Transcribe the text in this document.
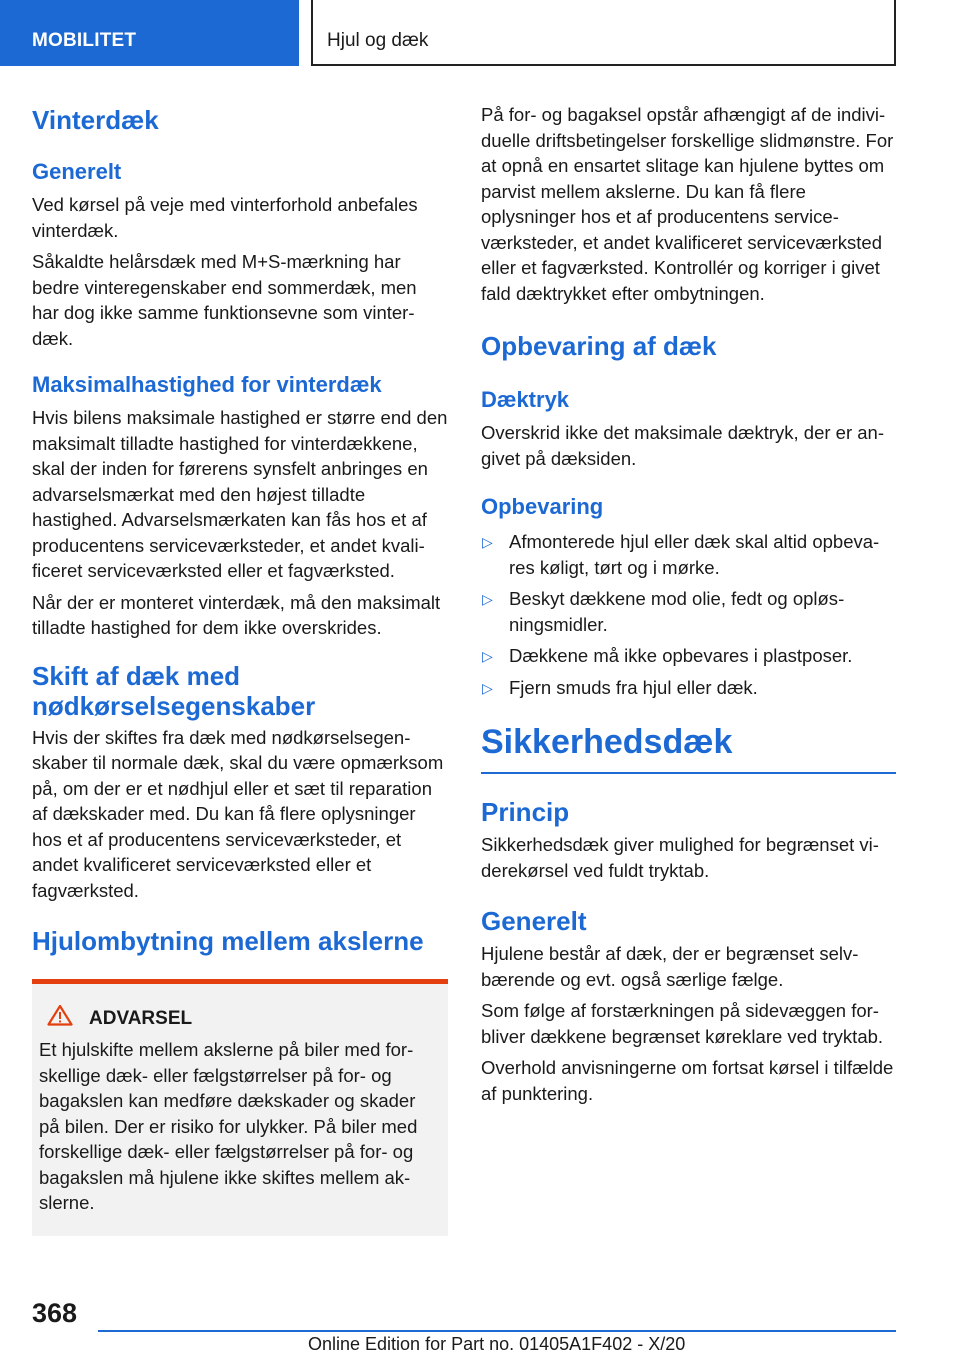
MOBILITET	Hjul og dæk
Vinterdæk
Generelt

Ved kørsel på veje med vinterforhold anbefales vinterdæk.

Såkaldte helårsdæk med M+S-mærkning har bedre vinteregenskaber end sommerdæk, men har dog ikke samme funktionsevne som vinterdæk.

Maksimalhastighed for vinterdæk

Hvis bilens maksimale hastighed er større end den maksimalt tilladte hastighed for vinterdækkene, skal der inden for førerens synsfelt anbringes en advarselsmærkat med den højest tilladte hastighed. Advarselsmærkaten kan fås hos et af producentens serviceværksteder, et andet kvalificeret serviceværksted eller et fagværksted.

Når der er monteret vinterdæk, må den maksimalt tilladte hastighed for dem ikke overskrides.

Skift af dæk med nødkørselsegenskaber

Hvis der skiftes fra dæk med nødkørselsegenskaber til normale dæk, skal du være opmærksom på, om der er et nødhjul eller et sæt til reparation af dækskader med. Du kan få flere oplysninger hos et af producentens serviceværksteder, et andet kvalificeret serviceværksted eller et fagværksted.

Hjulombytning mellem akslerne
ADVARSEL

Et hjulskifte mellem akslerne på biler med forskellige dæk- eller fælgstørrelser på for- og bagakslen kan medføre dækskader og skader på bilen. Der er risiko for ulykker. På biler med forskellige dæk- eller fælgstørrelser på for- og bagakslen må hjulene ikke skiftes mellem akslerne.

På for- og bagaksel opstår afhængigt af de individuelle driftsbetingelser forskellige slidmønstre. For at opnå en ensartet slitage kan hjulene byttes om parvist mellem akslerne. Du kan få flere oplysninger hos et af producentens serviceværksteder, et andet kvalificeret serviceværksted eller et fagværksted. Kontrollér og korriger i givet fald dæktrykket efter ombytningen.

Opbevaring af dæk
Dæktryk

Overskrid ikke det maksimale dæktryk, der er angivet på dæksiden.

Opbevaring
▷ Afmonterede hjul eller dæk skal altid opbevares køligt, tørt og i mørke.
▷ Beskyt dækkene mod olie, fedt og opløsningsmidler.
▷ Dækkene må ikke opbevares i plastposer.
▷ Fjern smuds fra hjul eller dæk.
Sikkerhedsdæk
Princip

Sikkerhedsdæk giver mulighed for begrænset viderekørsel ved fuldt tryktab.

Generelt

Hjulene består af dæk, der er begrænset selvbærende og evt. også særlige fælge.

Som følge af forstærkningen på sidevæggen forbliver dækkene begrænset køreklare ved tryktab.

Overhold anvisningerne om fortsat kørsel i tilfælde af punktering.

368
Online Edition for Part no. 01405A1F402 - X/20
